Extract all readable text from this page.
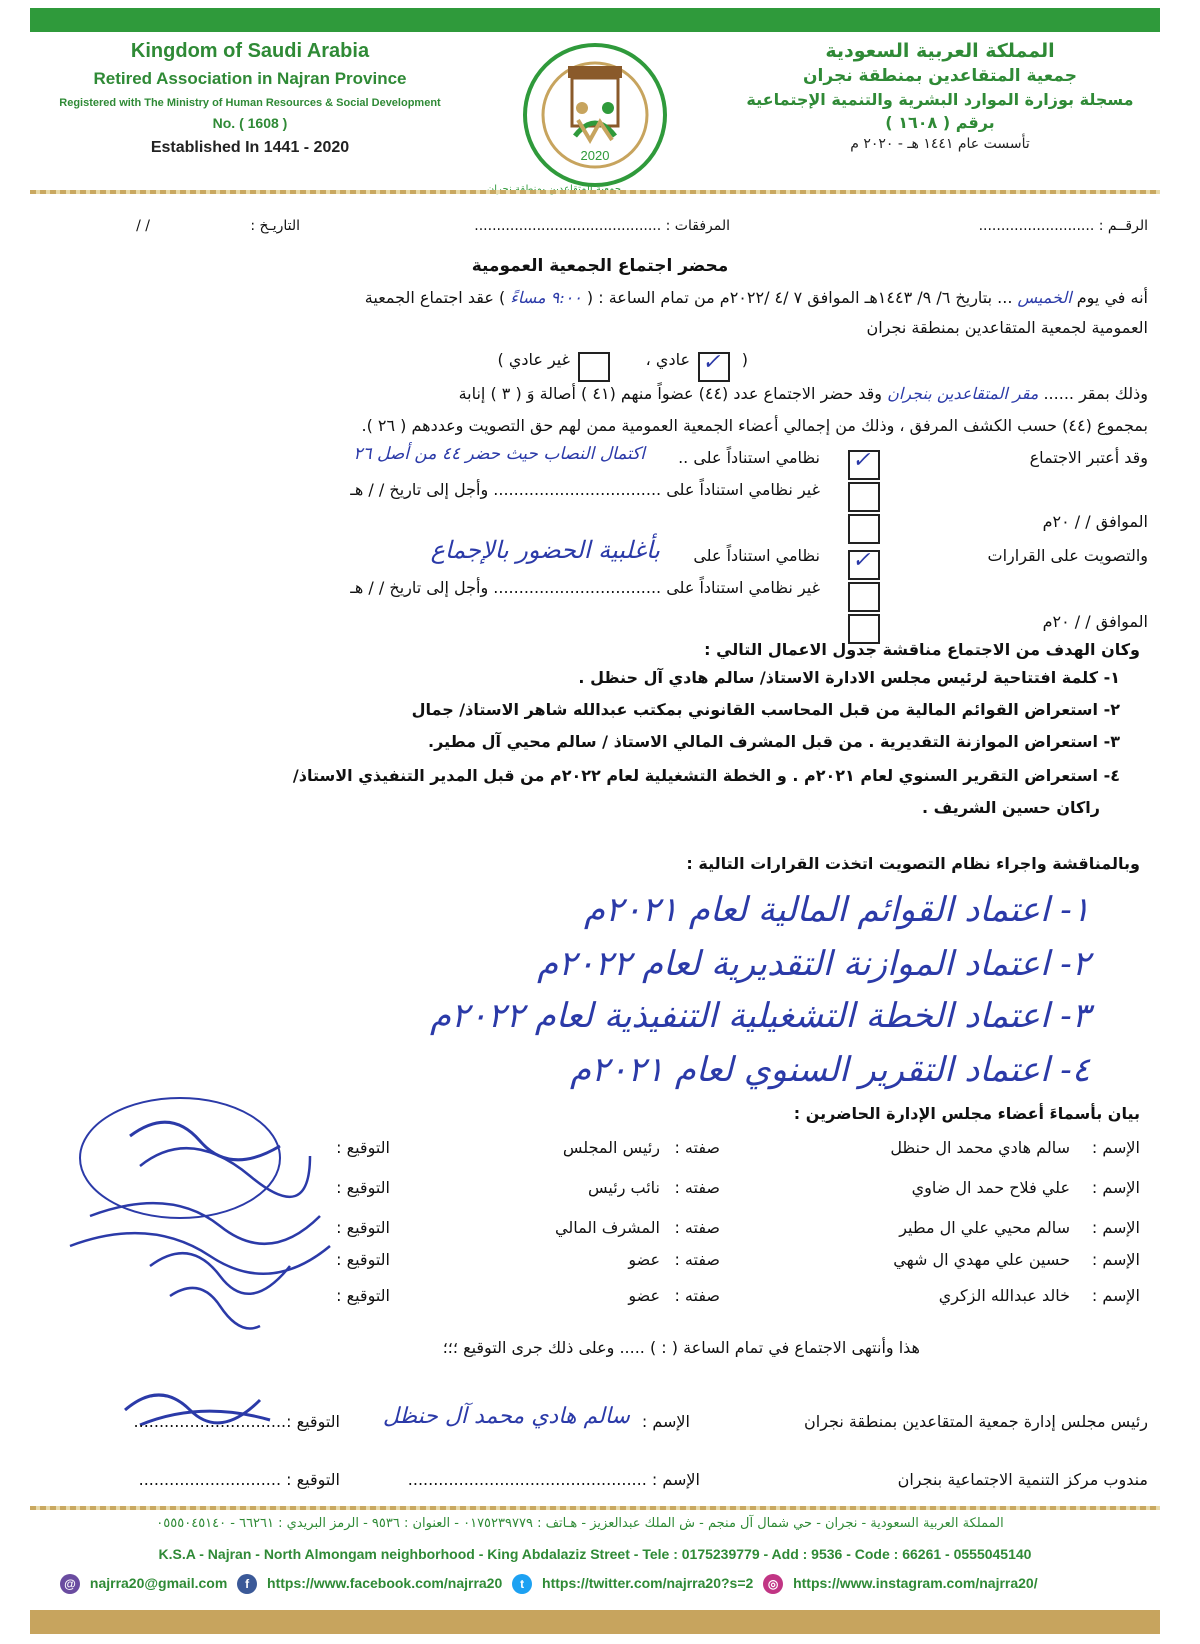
Kingdom of Saudi Arabia
Retired Association in Najran Province
Registered with The Ministry of Human Resources & Social Development
No. ( 1608 )
Established In 1441 - 2020	2020
المملكة العربية السعودية
جمعية المتقاعدين بمنطقة نجران
مسجلة بوزارة الموارد البشرية والتنمية الإجتماعية
برقم ( ١٦٠٨ )
تأسست عام ١٤٤١ هـ - ٢٠٢٠ م
الرقــم : ..........................
المرفقات : ..........................................
التاريـخ :
/ /
محضر اجتماع الجمعية العمومية
أنه في يوم الخميس ... بتاريخ ٦/ ٩/ ١٤٤٣هـ الموافق ٧ /٤ /٢٠٢٢م من تمام الساعة : ( ٩:٠٠ مساءً ) عقد اجتماع الجمعية
العمومية لجمعية المتقاعدين بمنطقة نجران
(
✓
عادي ،
غير عادي )
وذلك بمقر ...... مقر المتقاعدين بنجران وقد حضر الاجتماع عدد (٤٤) عضواً منهم (٤١ ) أصالة وَ ( ٣ ) إنابة
بمجموع (٤٤) حسب الكشف المرفق ، وذلك من إجمالي أعضاء الجمعية العمومية ممن لهم حق التصويت وعددهم ( ٢٦ ).
وقد أعتبر الاجتماع
✓
نظامي استناداً على ..
اكتمال النصاب حيث حضر ٤٤ من أصل ٢٦
غير نظامي استناداً على ................................. وأجل إلى تاريخ / / هـ
الموافق / / ٢٠م
والتصويت على القرارات
✓
نظامي استناداً على
بأغلبية الحضور بالإجماع
غير نظامي استناداً على ................................. وأجل إلى تاريخ / / هـ
الموافق / / ٢٠م
وكان الهدف من الاجتماع مناقشة جدول الاعمال التالي :
١- كلمة افتتاحية لرئيس مجلس الادارة الاستاذ/ سالم هادي آل حنظل .
٢- استعراض القوائم المالية من قبل المحاسب القانوني بمكتب عبدالله شاهر الاستاذ/ جمال
٣- استعراض الموازنة التقديرية . من قبل المشرف المالي الاستاذ / سالم محيي آل مطير.
٤- استعراض التقرير السنوي لعام ٢٠٢١م . و الخطة التشغيلية لعام ٢٠٢٢م من قبل المدير التنفيذي الاستاذ/
راكان حسين الشريف .
وبالمناقشة واجراء نظام التصويت اتخذت القرارات التالية :
١- اعتماد القوائم المالية لعام ٢٠٢١م
٢- اعتماد الموازنة التقديرية لعام ٢٠٢٢م
٣- اعتماد الخطة التشغيلية التنفيذية لعام ٢٠٢٢م
٤- اعتماد التقرير السنوي لعام ٢٠٢١م
بيان بأسماءَ أعضاء مجلس الإدارة الحاضرين :
الإسم :
سالم هادي محمد ال حنظل
صفته :
رئيس المجلس
التوقيع :
الإسم :
علي فلاح حمد ال ضاوي
صفته :
نائب رئيس
التوقيع :
الإسم :
سالم محيي علي ال مطير
صفته :
المشرف المالي
التوقيع :
الإسم :
حسين علي مهدي ال شهي
صفته :
عضو
التوقيع :
الإسم :
خالد عبدالله الزكري
صفته :
عضو
التوقيع :
هذا وأنتهى الاجتماع في تمام الساعة ( : ) ..... وعلى ذلك جرى التوقيع ؛؛؛
رئيس مجلس إدارة جمعية المتقاعدين بمنطقة نجران
الإسم :
سالم هادي محمد آل حنظل
التوقيع :..............................
مندوب مركز التنمية الاجتماعية بنجران
الإسم : ...............................................
التوقيع : ............................
المملكة العربية السعودية - نجران - حي شمال آل منجم - ش الملك عبدالعزيز - هـاتف : ٠١٧٥٢٣٩٧٧٩ - العنوان : ٩٥٣٦ - الرمز البريدي : ٦٦٢٦١ - ٠٥٥٥٠٤٥١٤٠
K.S.A - Najran - North Almongam neighborhood - King Abdalaziz Street - Tele : 0175239779 - Add : 9536 - Code : 66261 - 0555045140
@ najrra20@gmail.com f https://www.facebook.com/najrra20 t https://twitter.com/najrra20?s=2 ◎ https://www.instagram.com/najrra20/
